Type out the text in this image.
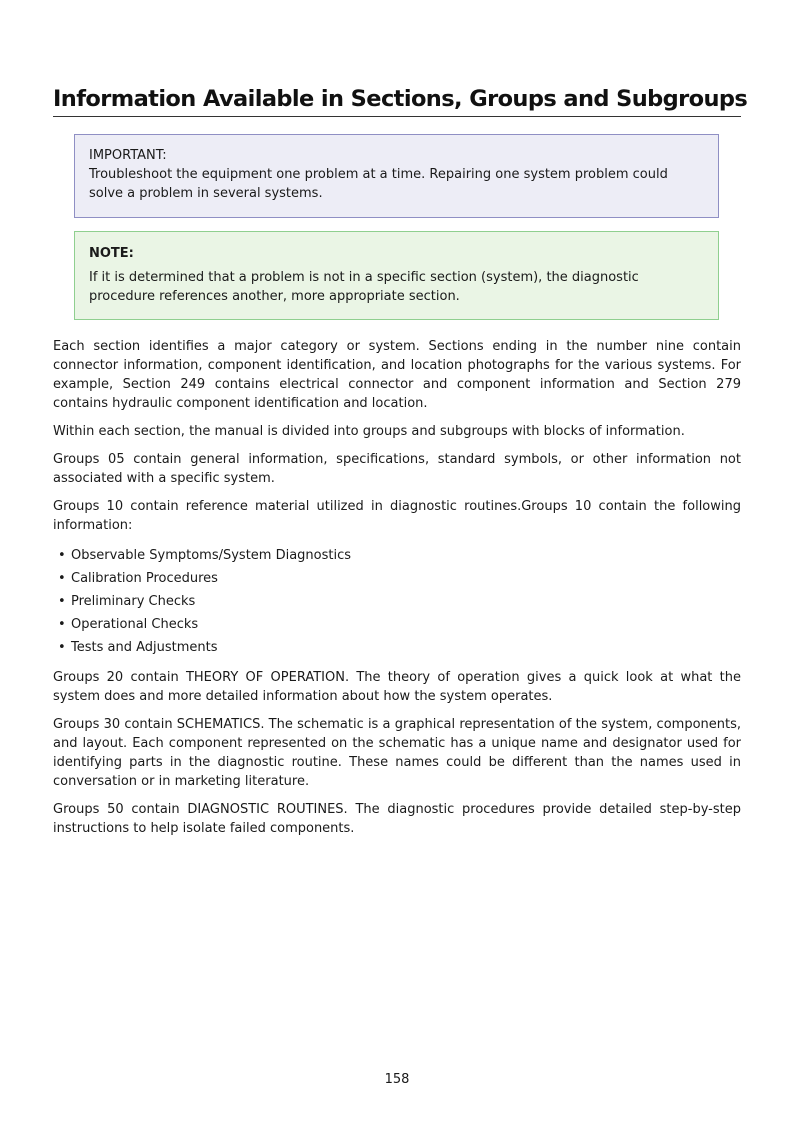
Information Available in Sections, Groups and Subgroups
IMPORTANT:
Troubleshoot the equipment one problem at a time. Repairing one system problem could solve a problem in several systems.
NOTE:
If it is determined that a problem is not in a specific section (system), the diagnostic procedure references another, more appropriate section.

Each section identifies a major category or system. Sections ending in the number nine contain connector information, component identification, and location photographs for the various systems. For example, Section 249 contains electrical connector and component information and Section 279 contains hydraulic component identification and location.

Within each section, the manual is divided into groups and subgroups with blocks of information.

Groups 05 contain general information, specifications, standard symbols, or other information not associated with a specific system.

Groups 10 contain reference material utilized in diagnostic routines.Groups 10 contain the following information:

• Observable Symptoms/System Diagnostics
• Calibration Procedures
• Preliminary Checks
• Operational Checks
• Tests and Adjustments

Groups 20 contain THEORY OF OPERATION. The theory of operation gives a quick look at what the system does and more detailed information about how the system operates.

Groups 30 contain SCHEMATICS. The schematic is a graphical representation of the system, components, and layout. Each component represented on the schematic has a unique name and designator used for identifying parts in the diagnostic routine. These names could be different than the names used in conversation or in marketing literature.

Groups 50 contain DIAGNOSTIC ROUTINES. The diagnostic procedures provide detailed step-by-step instructions to help isolate failed components.

158
